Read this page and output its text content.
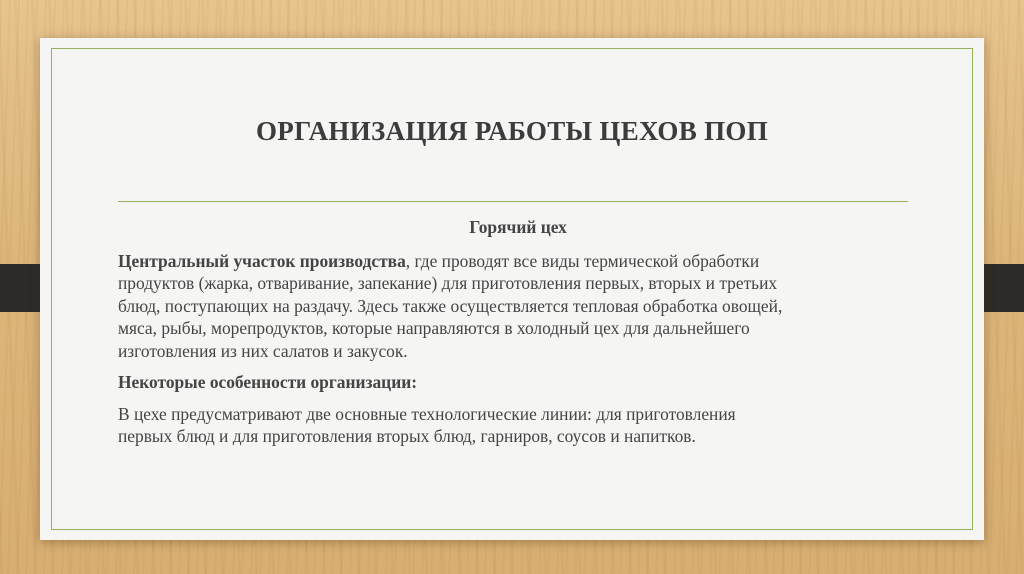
ОРГАНИЗАЦИЯ РАБОТЫ ЦЕХОВ ПОП
Горячий цех
Центральный участок производства, где проводят все виды термической обработки
продуктов (жарка, отваривание, запекание) для приготовления первых, вторых и третьих
блюд, поступающих на раздачу. Здесь также осуществляется тепловая обработка овощей,
мяса, рыбы, морепродуктов, которые направляются в холодный цех для дальнейшего
изготовления из них салатов и закусок.
Некоторые особенности организации:
В цехе предусматривают две основные технологические линии: для приготовления
первых блюд и для приготовления вторых блюд, гарниров, соусов и напитков.
